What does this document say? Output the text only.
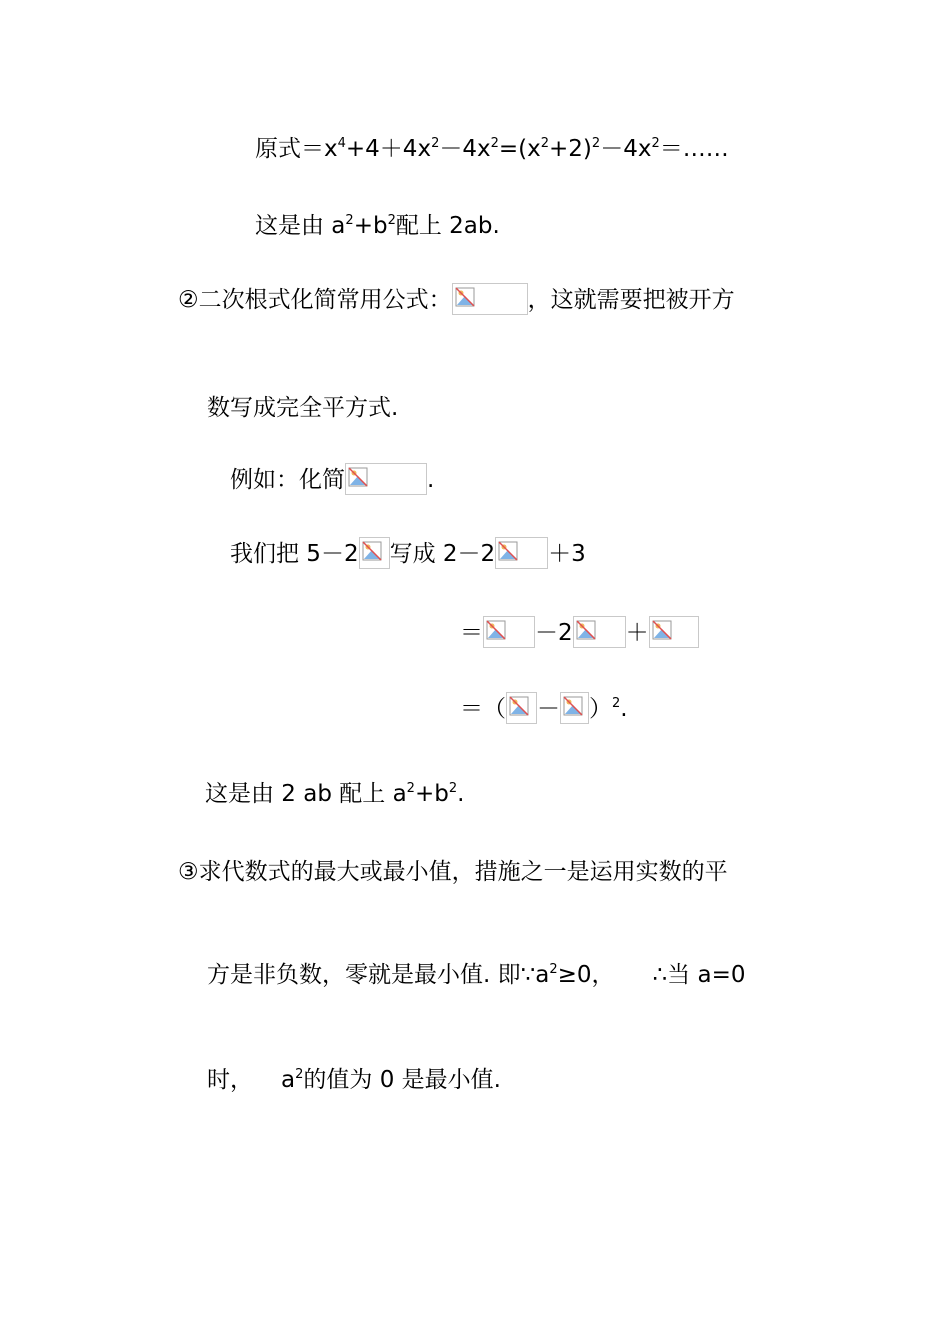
原式$=x^4+4+4x^2-4x^2=(x^2+2)^2-4x^2=\dots\dots$
这是由 $a^2+b^2$配上 2ab.
②二次根式化简常用公式：	，这就需要把被开方
数写成完全平方式.
例如：化简	.
我们把 5－2 写成 2－2 ＋3
＝ －2 ＋
＝（ － ）$^2$.
这是由 2 ab 配上 $a^2+b^2$.
③求代数式的最大或最小值，措施之一是运用实数的平
方是非负数，零就是最小值. 即$\because a^2\ge 0$， ∴当 a=0
时， $a^2$的值为 0 是最小值.
